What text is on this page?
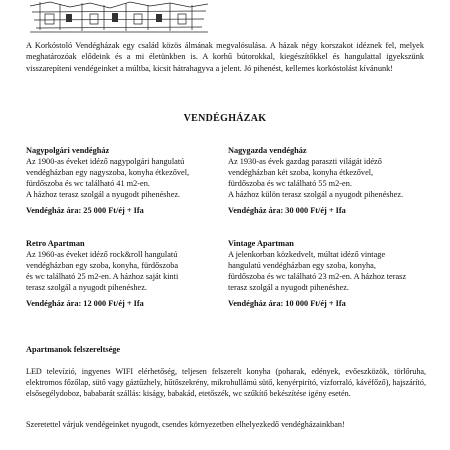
A Korkóstoló Vendégházak egy család közös álmának megvalósulása. A házak négy korszakot idéznek fel, melyek meghatározóak elődeink és a mi életünkben is. A korhű bútorokkal, kiegészítőkkel és hangulattal igyekszünk visszarepíteni vendégeinket a múltba, kicsit hátrahagyva a jelent. Jó pihenést, kellemes korkóstolást kívánunk!

VENDÉGHÁZAK
Nagypolgári vendégház
Az 1900-as éveket idéző nagypolgári hangulatú
vendégházban egy nagyszoba, konyha étkezővel,
fürdőszoba és wc található 41 m2-en.
A házhoz terasz szolgál a nyugodt pihenéshez.
Vendégház ára: 25 000 Ft/éj + Ifa
Nagygazda vendégház
Az 1930-as évek gazdag paraszti világát idéző
vendégházban két szoba, konyha étkezővel,
fürdőszoba és wc található 55 m2-en.
A házhoz külön terasz szolgál a nyugodt pihenéshez.
Vendégház ára: 30 000 Ft/éj + Ifa
Retro Apartman
Az 1960-as éveket idéző rock&roll hangulatú
vendégházban egy szoba, konyha, fürdőszoba
és wc található 25 m2-en. A házhoz saját kinti
terasz szolgál a nyugodt pihenéshez.
Vendégház ára: 12 000 Ft/éj + Ifa
Vintage Apartman
A jelenkorban közkedvelt, múltat idéző vintage
hangulatú vendégházban egy szoba, konyha,
fürdőszoba és wc található 23 m2-en. A házhoz terasz
terasz szolgál a nyugodt pihenéshez.
Vendégház ára: 10 000 Ft/éj + Ifa
Apartmanok felszereltsége

LED televízió, ingyenes WIFI elérhetőség, teljesen felszerelt konyha (poharak, edények, evőeszközök, törlőruha, elektromos főzőlap, sütő vagy gáztűzhely, hűtőszekrény, mikrohullámú sütő, kenyérpirító, vízforraló, kávéfőző), hajszárító, elsősegélydoboz, bababarát szállás: kiságy, babakád, etetőszék, wc szűkítő bekészítése igény esetén.

Szeretettel várjuk vendégeinket nyugodt, csendes környezetben elhelyezkedő vendégházainkban!
